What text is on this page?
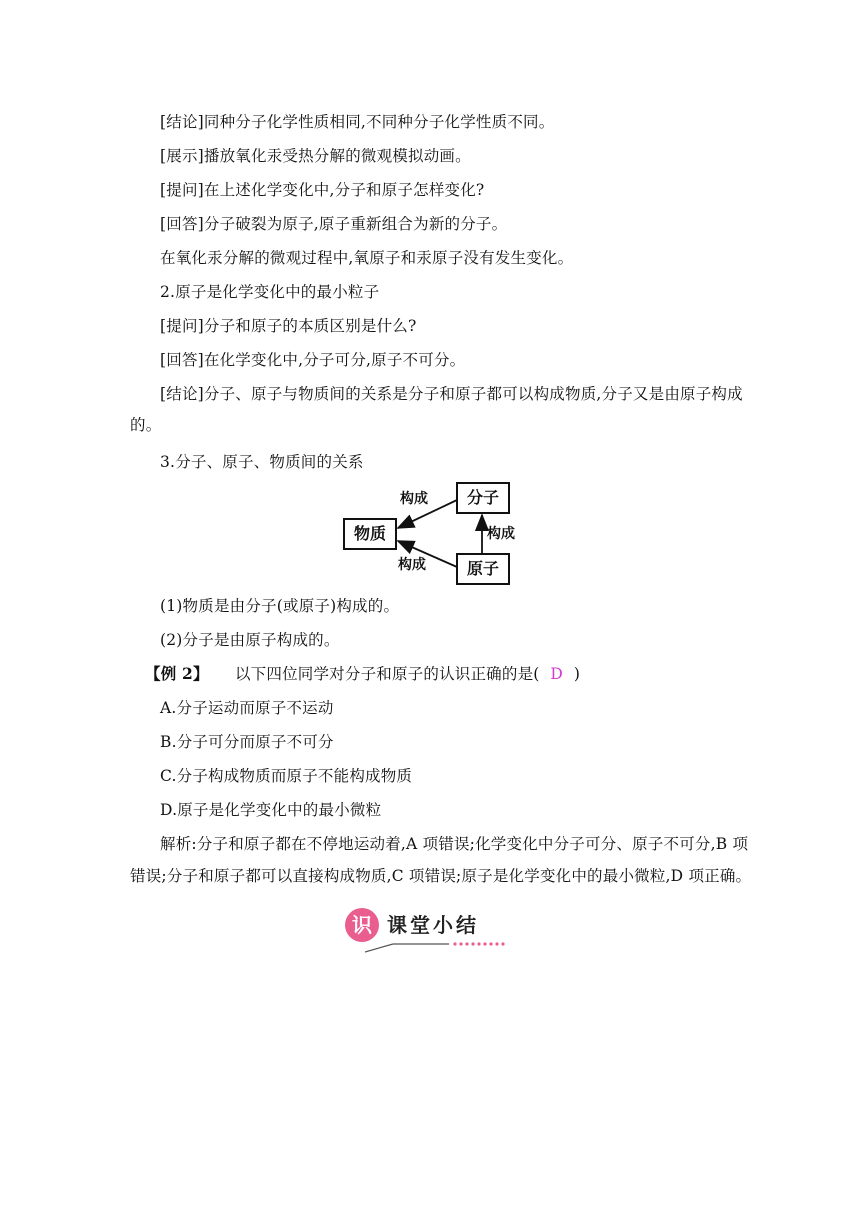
[结论]同种分子化学性质相同,不同种分子化学性质不同。
[展示]播放氧化汞受热分解的微观模拟动画。
[提问]在上述化学变化中,分子和原子怎样变化?
[回答]分子破裂为原子,原子重新组合为新的分子。
在氧化汞分解的微观过程中,氧原子和汞原子没有发生变化。
2.原子是化学变化中的最小粒子
[提问]分子和原子的本质区别是什么?
[回答]在化学变化中,分子可分,原子不可分。
[结论]分子、原子与物质间的关系是分子和原子都可以构成物质,分子又是由原子构成
的。
3.分子、原子、物质间的关系
物质
分子
原子
构成
构成
构成
(1)物质是由分子(或原子)构成的。
(2)分子是由原子构成的。
【例 2】 以下四位同学对分子和原子的认识正确的是( D )
A.分子运动而原子不运动
B.分子可分而原子不可分
C.分子构成物质而原子不能构成物质
D.原子是化学变化中的最小微粒
解析:分子和原子都在不停地运动着,A 项错误;化学变化中分子可分、原子不可分,B 项
错误;分子和原子都可以直接构成物质,C 项错误;原子是化学变化中的最小微粒,D 项正确。
识 课堂小结
